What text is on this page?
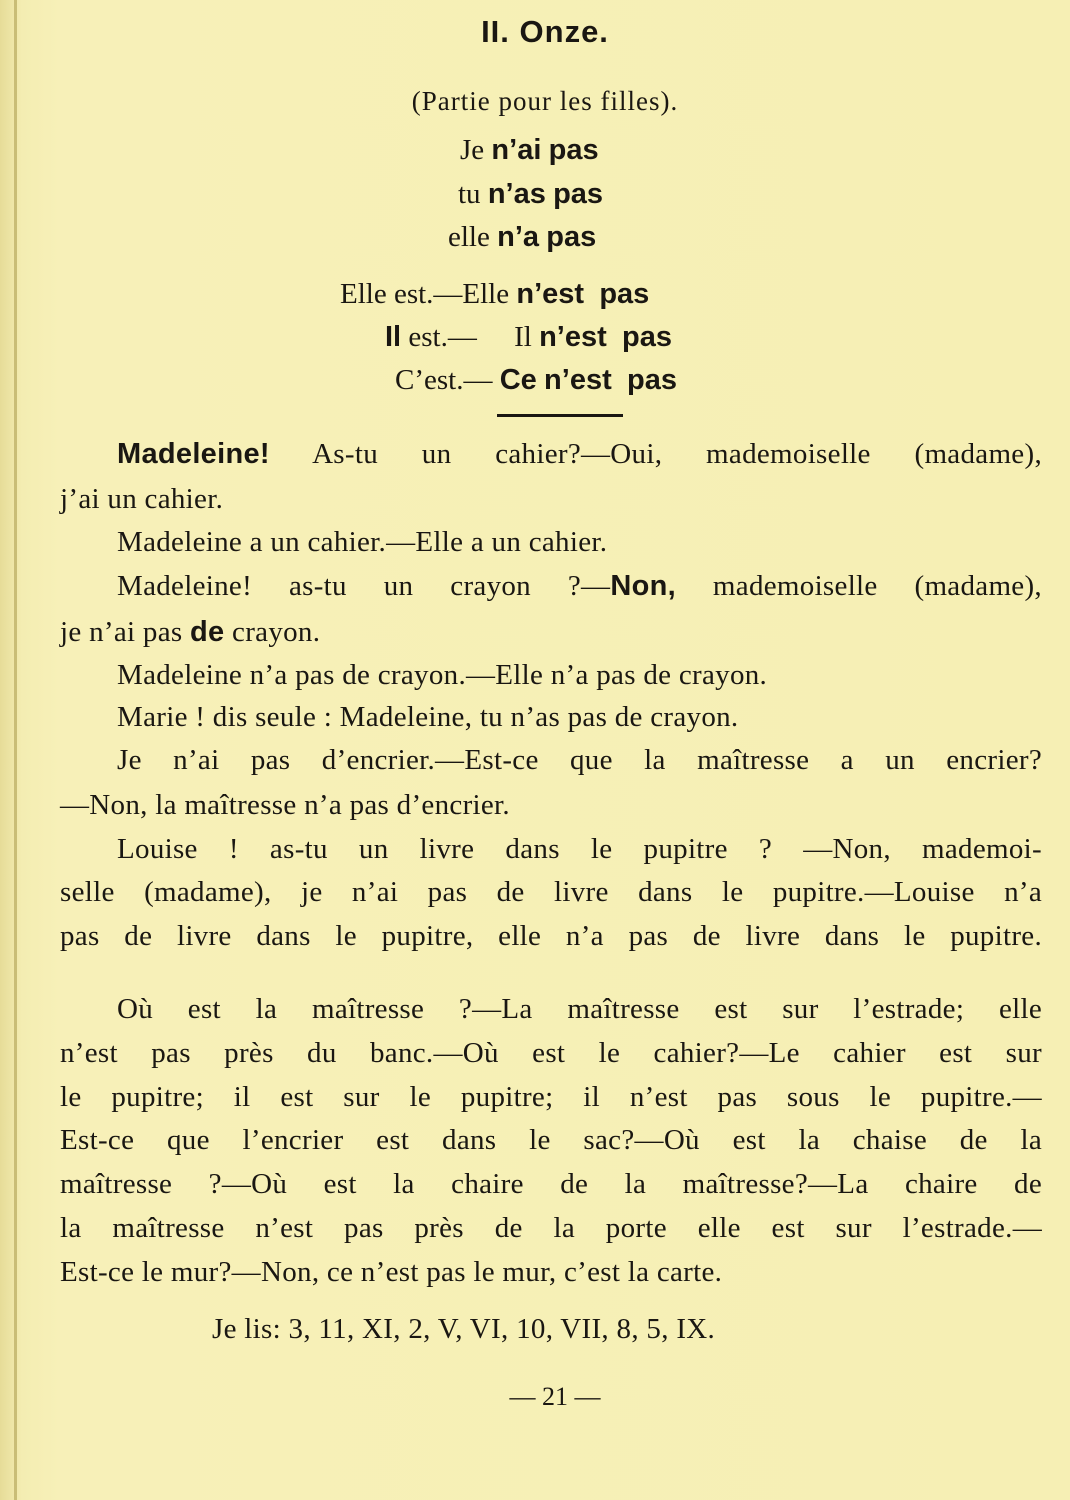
II. Onze.
(Partie pour les filles).
Je n’ai pas
tu n’as pas
elle n’a pas
Elle est.—Elle n’est pas
Il est.— Il n’est pas
C’est.— Ce n’est pas
Madeleine! As-tu un cahier?—Oui, mademoiselle (madame),
j’ai un cahier.
Madeleine a un cahier.—Elle a un cahier.
Madeleine! as-tu un crayon ?—Non, mademoiselle (madame),
je n’ai pas de crayon.
Madeleine n’a pas de crayon.—Elle n’a pas de crayon.
Marie ! dis seule : Madeleine, tu n’as pas de crayon.
Je n’ai pas d’encrier.—Est-ce que la maîtresse a un encrier?
—Non, la maîtresse n’a pas d’encrier.
Louise ! as-tu un livre dans le pupitre ? —Non, mademoi-
selle (madame), je n’ai pas de livre dans le pupitre.—Louise n’a
pas de livre dans le pupitre, elle n’a pas de livre dans le pupitre.
Où est la maîtresse ?—La maîtresse est sur l’estrade; elle
n’est pas près du banc.—Où est le cahier?—Le cahier est sur
le pupitre; il est sur le pupitre; il n’est pas sous le pupitre.—
Est-ce que l’encrier est dans le sac?—Où est la chaise de la
maîtresse ?—Où est la chaire de la maîtresse?—La chaire de
la maîtresse n’est pas près de la porte elle est sur l’estrade.—
Est-ce le mur?—Non, ce n’est pas le mur, c’est la carte.
Je lis: 3, 11, XI, 2, V, VI, 10, VII, 8, 5, IX.
— 21 —
